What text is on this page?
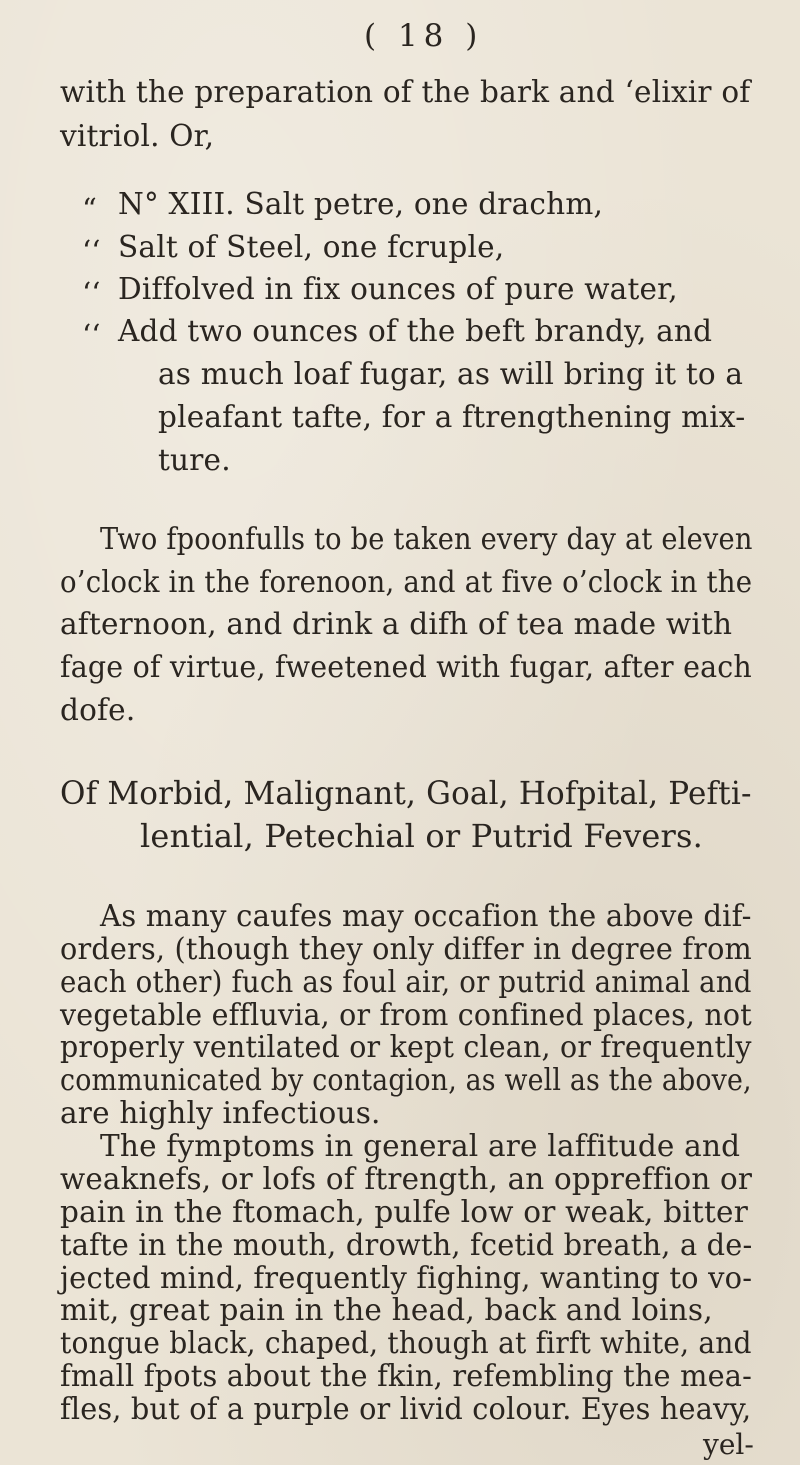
( 18 )
with the preparation of the bark and ‘elixir of
vitriol. Or,
“
‘‘
‘‘
‘‘
N° XIII. Salt petre, one drachm,
Salt of Steel, one fcruple,
Diffolved in fix ounces of pure water,
Add two ounces of the beft brandy, and
as much loaf fugar, as will bring it to a
pleafant tafte, for a ftrengthening mix-
ture.
Two fpoonfulls to be taken every day at eleven
o’clock in the forenoon, and at five o’clock in the
afternoon, and drink a difh of tea made with
fage of virtue, fweetened with fugar, after each
dofe.
Of Morbid, Malignant, Goal, Hofpital, Pefti-
lential, Petechial or Putrid Fevers.
As many caufes may occafion the above dif-
orders, (though they only differ in degree from
each other) fuch as foul air, or putrid animal and
vegetable effluvia, or from confined places, not
properly ventilated or kept clean, or frequently
communicated by contagion, as well as the above,
are highly infectious.
The fymptoms in general are laffitude and
weaknefs, or lofs of ftrength, an oppreffion or
pain in the ftomach, pulfe low or weak, bitter
tafte in the mouth, drowth, fcetid breath, a de-
jected mind, frequently fighing, wanting to vo-
mit, great pain in the head, back and loins,
tongue black, chaped, though at firft white, and
fmall fpots about the fkin, refembling the mea-
fles, but of a purple or livid colour. Eyes heavy,
yel-
